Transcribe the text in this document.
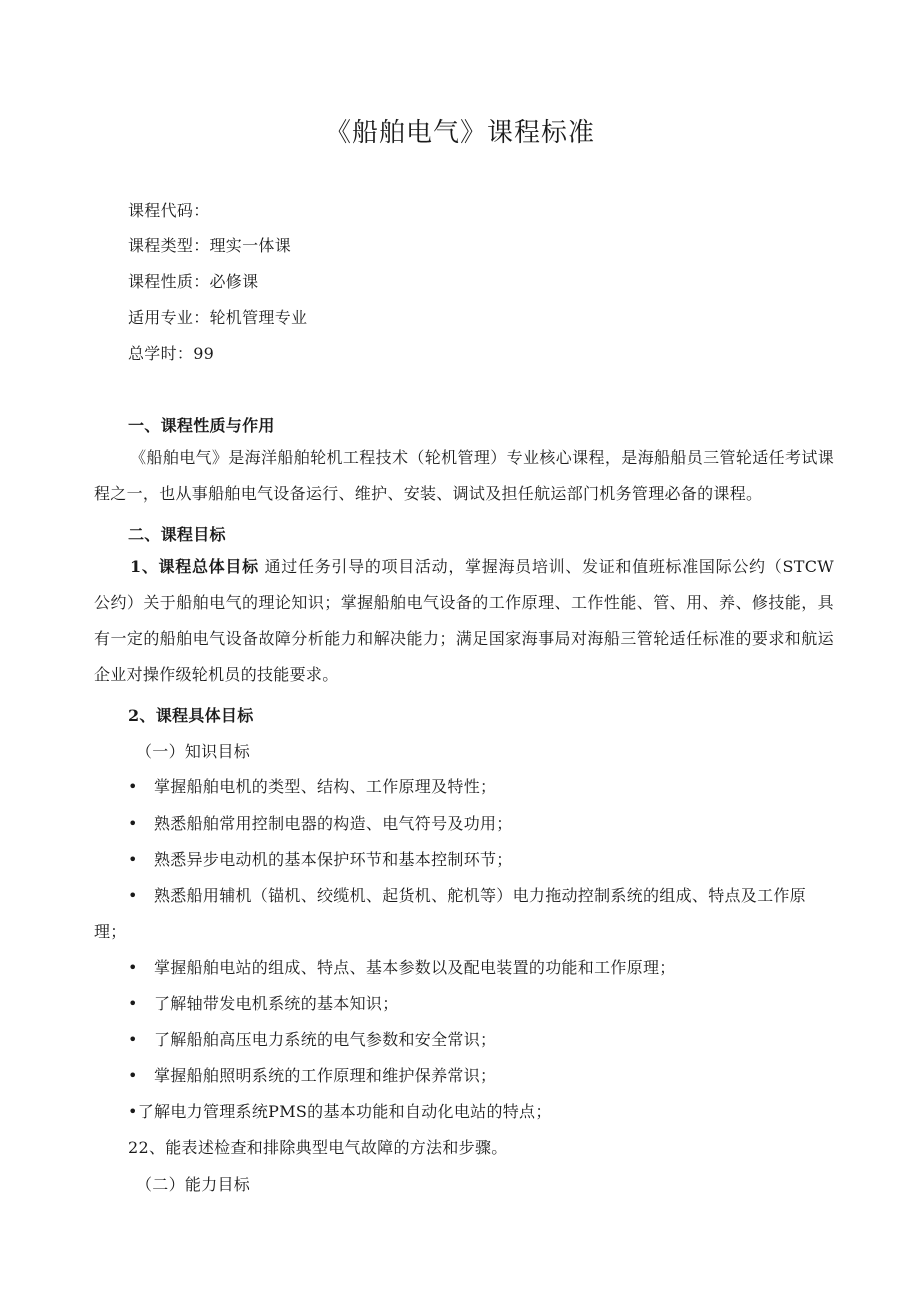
《船舶电气》课程标准
课程代码：
课程类型：理实一体课
课程性质：必修课
适用专业：轮机管理专业
总学时：99
一、课程性质与作用
《船舶电气》是海洋船舶轮机工程技术（轮机管理）专业核心课程，是海船船员三管轮适任考试课程之一，也从事船舶电气设备运行、维护、安装、调试及担任航运部门机务管理必备的课程。
二、课程目标
1、课程总体目标 通过任务引导的项目活动，掌握海员培训、发证和值班标准国际公约（STCW公约）关于船舶电气的理论知识；掌握船舶电气设备的工作原理、工作性能、管、用、养、修技能，具有一定的船舶电气设备故障分析能力和解决能力；满足国家海事局对海船三管轮适任标准的要求和航运企业对操作级轮机员的技能要求。
2、课程具体目标
（一）知识目标
• 掌握船舶电机的类型、结构、工作原理及特性；
• 熟悉船舶常用控制电器的构造、电气符号及功用；
• 熟悉异步电动机的基本保护环节和基本控制环节；
• 熟悉船用辅机（锚机、绞缆机、起货机、舵机等）电力拖动控制系统的组成、特点及工作原
理；
• 掌握船舶电站的组成、特点、基本参数以及配电装置的功能和工作原理；
• 了解轴带发电机系统的基本知识；
• 了解船舶高压电力系统的电气参数和安全常识；
• 掌握船舶照明系统的工作原理和维护保养常识；
•了解电力管理系统PMS的基本功能和自动化电站的特点；
22、能表述检查和排除典型电气故障的方法和步骤。
（二）能力目标
